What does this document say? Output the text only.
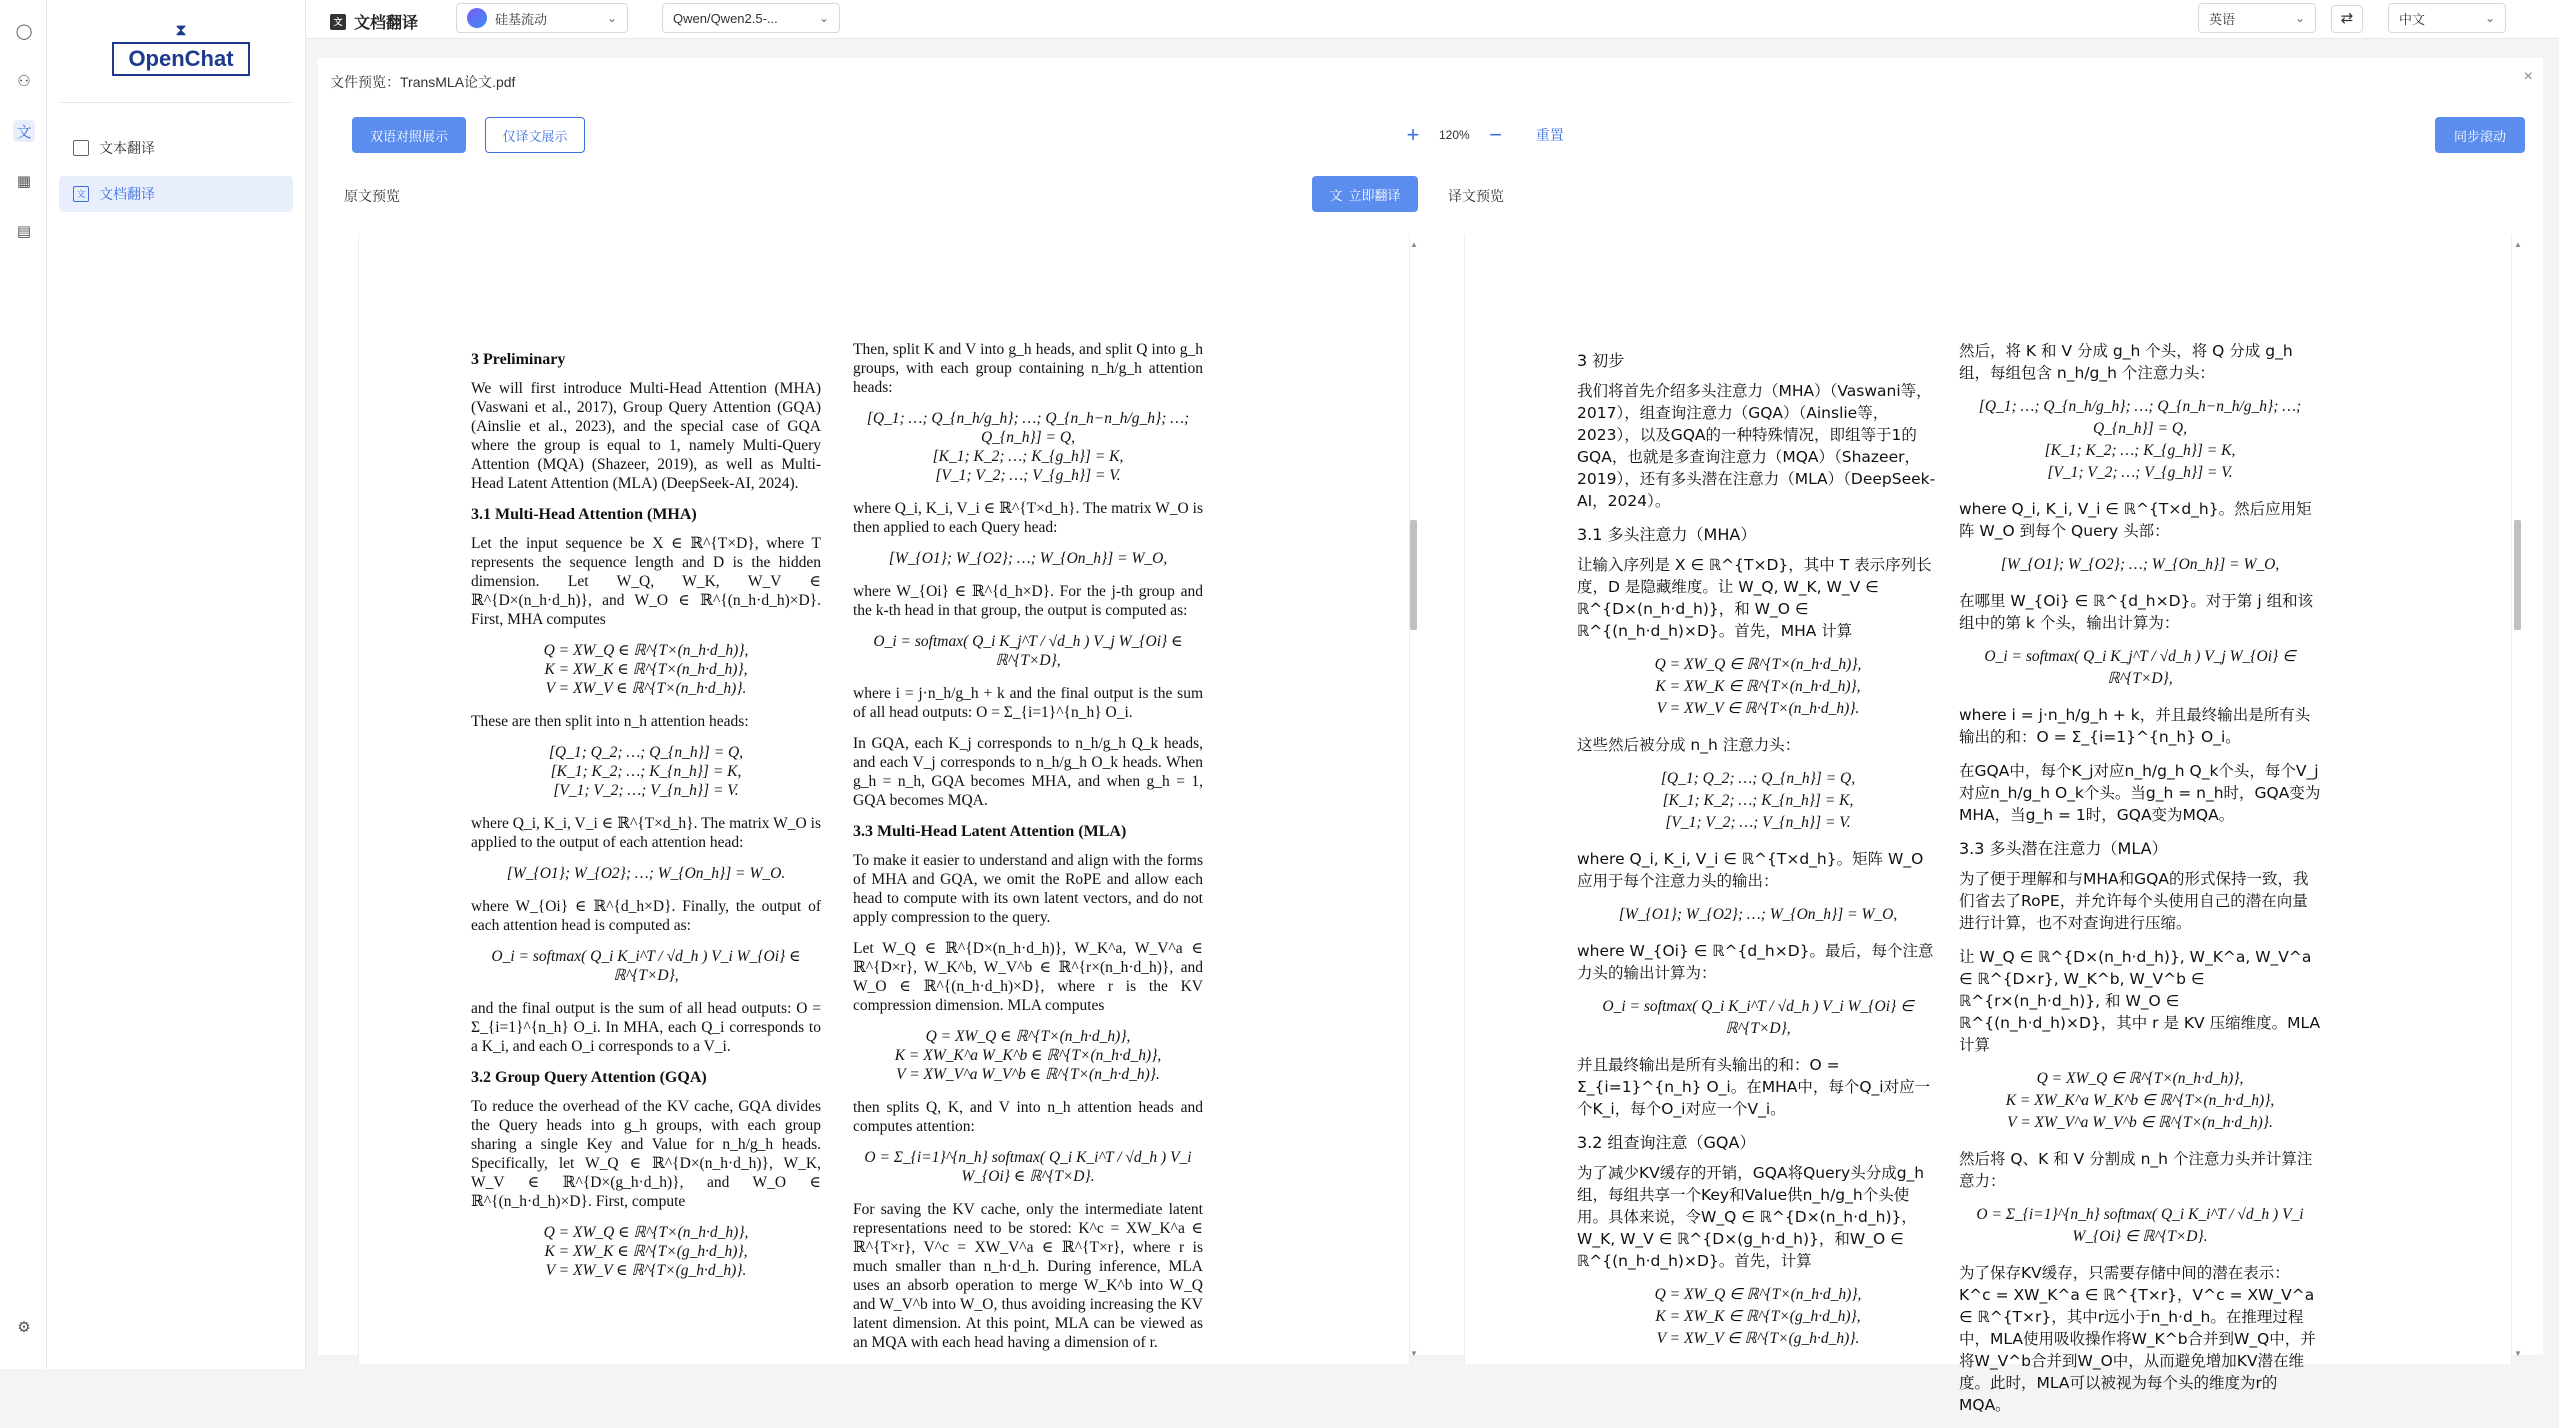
◯
⚇
文
▦
▤
⚙
⧗
OpenChat
文本翻译
文 文档翻译
文 文档翻译	硅基流动	⌄	Qwen/Qwen2.5-...	⌄	英语	⌄	⇄	中文	⌄
文件预览：TransMLA论文.pdf	×
双语对照展示	仅译文展示	+ 120% − 重置	同步滚动
原文预览	文 立即翻译	译文预览
3 Preliminary

We will first introduce Multi-Head Attention (MHA) (Vaswani et al., 2017), Group Query Attention (GQA) (Ainslie et al., 2023), and the special case of GQA where the group is equal to 1, namely Multi-Query Attention (MQA) (Shazeer, 2019), as well as Multi-Head Latent Attention (MLA) (DeepSeek-AI, 2024).

3.1 Multi-Head Attention (MHA)

Let the input sequence be X ∈ ℝ^{T×D}, where T represents the sequence length and D is the hidden dimension. Let W_Q, W_K, W_V ∈ ℝ^{D×(n_h·d_h)}, and W_O ∈ ℝ^{(n_h·d_h)×D}. First, MHA computes

Q = XW_Q ∈ ℝ^{T×(n_h·d_h)},
K = XW_K ∈ ℝ^{T×(n_h·d_h)},
V = XW_V ∈ ℝ^{T×(n_h·d_h)}.

These are then split into n_h attention heads:

[Q_1; Q_2; …; Q_{n_h}] = Q,
[K_1; K_2; …; K_{n_h}] = K,
[V_1; V_2; …; V_{n_h}] = V.

where Q_i, K_i, V_i ∈ ℝ^{T×d_h}. The matrix W_O is applied to the output of each attention head:

[W_{O1}; W_{O2}; …; W_{On_h}] = W_O.

where W_{Oi} ∈ ℝ^{d_h×D}. Finally, the output of each attention head is computed as:

O_i = softmax( Q_i K_i^T / √d_h ) V_i W_{Oi} ∈ ℝ^{T×D},

and the final output is the sum of all head outputs: O = Σ_{i=1}^{n_h} O_i. In MHA, each Q_i corresponds to a K_i, and each O_i corresponds to a V_i.

3.2 Group Query Attention (GQA)

To reduce the overhead of the KV cache, GQA divides the Query heads into g_h groups, with each group sharing a single Key and Value for n_h/g_h heads. Specifically, let W_Q ∈ ℝ^{D×(n_h·d_h)}, W_K, W_V ∈ ℝ^{D×(g_h·d_h)}, and W_O ∈ ℝ^{(n_h·d_h)×D}. First, compute

Q = XW_Q ∈ ℝ^{T×(n_h·d_h)},
K = XW_K ∈ ℝ^{T×(g_h·d_h)},
V = XW_V ∈ ℝ^{T×(g_h·d_h)}.

Then, split K and V into g_h heads, and split Q into g_h groups, with each group containing n_h/g_h attention heads:

[Q_1; …; Q_{n_h/g_h}; …; Q_{n_h−n_h/g_h}; …; Q_{n_h}] = Q,
[K_1; K_2; …; K_{g_h}] = K,
[V_1; V_2; …; V_{g_h}] = V.

where Q_i, K_i, V_i ∈ ℝ^{T×d_h}. The matrix W_O is then applied to each Query head:

[W_{O1}; W_{O2}; …; W_{On_h}] = W_O,

where W_{Oi} ∈ ℝ^{d_h×D}. For the j-th group and the k-th head in that group, the output is computed as:

O_i = softmax( Q_i K_j^T / √d_h ) V_j W_{Oi} ∈ ℝ^{T×D},

where i = j·n_h/g_h + k and the final output is the sum of all head outputs: O = Σ_{i=1}^{n_h} O_i.

In GQA, each K_j corresponds to n_h/g_h Q_k heads, and each V_j corresponds to n_h/g_h O_k heads. When g_h = n_h, GQA becomes MHA, and when g_h = 1, GQA becomes MQA.

3.3 Multi-Head Latent Attention (MLA)

To make it easier to understand and align with the forms of MHA and GQA, we omit the RoPE and allow each head to compute with its own latent vectors, and do not apply compression to the query.

Let W_Q ∈ ℝ^{D×(n_h·d_h)}, W_K^a, W_V^a ∈ ℝ^{D×r}, W_K^b, W_V^b ∈ ℝ^{r×(n_h·d_h)}, and W_O ∈ ℝ^{(n_h·d_h)×D}, where r is the KV compression dimension. MLA computes

Q = XW_Q ∈ ℝ^{T×(n_h·d_h)},
K = XW_K^a W_K^b ∈ ℝ^{T×(n_h·d_h)},
V = XW_V^a W_V^b ∈ ℝ^{T×(n_h·d_h)}.

then splits Q, K, and V into n_h attention heads and computes attention:

O = Σ_{i=1}^{n_h} softmax( Q_i K_i^T / √d_h ) V_i W_{Oi} ∈ ℝ^{T×D}.

For saving the KV cache, only the intermediate latent representations need to be stored: K^c = XW_K^a ∈ ℝ^{T×r}, V^c = XW_V^a ∈ ℝ^{T×r}, where r is much smaller than n_h·d_h. During inference, MLA uses an absorb operation to merge W_K^b into W_Q and W_V^b into W_O, thus avoiding increasing the KV latent dimension. At this point, MLA can be viewed as an MQA with each head having a dimension of r.

▲
▼
3 初步

我们将首先介绍多头注意力（MHA）（Vaswani等，2017），组查询注意力（GQA）（Ainslie等，2023），以及GQA的一种特殊情况，即组等于1的GQA，也就是多查询注意力（MQA）（Shazeer，2019），还有多头潜在注意力（MLA）（DeepSeek-AI，2024）。

3.1 多头注意力（MHA）

让输入序列是 X ∈ ℝ^{T×D}，其中 T 表示序列长度，D 是隐藏维度。让 W_Q, W_K, W_V ∈ ℝ^{D×(n_h·d_h)}，和 W_O ∈ ℝ^{(n_h·d_h)×D}。首先，MHA 计算

Q = XW_Q ∈ ℝ^{T×(n_h·d_h)},
K = XW_K ∈ ℝ^{T×(n_h·d_h)},
V = XW_V ∈ ℝ^{T×(n_h·d_h)}.

这些然后被分成 n_h 注意力头：

[Q_1; Q_2; …; Q_{n_h}] = Q,
[K_1; K_2; …; K_{n_h}] = K,
[V_1; V_2; …; V_{n_h}] = V.

where Q_i, K_i, V_i ∈ ℝ^{T×d_h}。矩阵 W_O 应用于每个注意力头的输出：

[W_{O1}; W_{O2}; …; W_{On_h}] = W_O,

where W_{Oi} ∈ ℝ^{d_h×D}。最后，每个注意力头的输出计算为：

O_i = softmax( Q_i K_i^T / √d_h ) V_i W_{Oi} ∈ ℝ^{T×D},

并且最终输出是所有头输出的和：O = Σ_{i=1}^{n_h} O_i。在MHA中，每个Q_i对应一个K_i，每个O_i对应一个V_i。

3.2 组查询注意（GQA）

为了减少KV缓存的开销，GQA将Query头分成g_h组，每组共享一个Key和Value供n_h/g_h个头使用。具体来说，令W_Q ∈ ℝ^{D×(n_h·d_h)}，W_K, W_V ∈ ℝ^{D×(g_h·d_h)}，和W_O ∈ ℝ^{(n_h·d_h)×D}。首先，计算

Q = XW_Q ∈ ℝ^{T×(n_h·d_h)},
K = XW_K ∈ ℝ^{T×(g_h·d_h)},
V = XW_V ∈ ℝ^{T×(g_h·d_h)}.

然后，将 K 和 V 分成 g_h 个头，将 Q 分成 g_h 组，每组包含 n_h/g_h 个注意力头：

[Q_1; …; Q_{n_h/g_h}; …; Q_{n_h−n_h/g_h}; …; Q_{n_h}] = Q,
[K_1; K_2; …; K_{g_h}] = K,
[V_1; V_2; …; V_{g_h}] = V.

where Q_i, K_i, V_i ∈ ℝ^{T×d_h}。然后应用矩阵 W_O 到每个 Query 头部：

[W_{O1}; W_{O2}; …; W_{On_h}] = W_O,

在哪里 W_{Oi} ∈ ℝ^{d_h×D}。对于第 j 组和该组中的第 k 个头，输出计算为：

O_i = softmax( Q_i K_j^T / √d_h ) V_j W_{Oi} ∈ ℝ^{T×D},

where i = j·n_h/g_h + k，并且最终输出是所有头输出的和：O = Σ_{i=1}^{n_h} O_i。

在GQA中，每个K_j对应n_h/g_h Q_k个头，每个V_j对应n_h/g_h O_k个头。当g_h = n_h时，GQA变为MHA，当g_h = 1时，GQA变为MQA。

3.3 多头潜在注意力（MLA）

为了便于理解和与MHA和GQA的形式保持一致，我们省去了RoPE，并允许每个头使用自己的潜在向量进行计算，也不对查询进行压缩。

让 W_Q ∈ ℝ^{D×(n_h·d_h)}, W_K^a, W_V^a ∈ ℝ^{D×r}, W_K^b, W_V^b ∈ ℝ^{r×(n_h·d_h)}, 和 W_O ∈ ℝ^{(n_h·d_h)×D}，其中 r 是 KV 压缩维度。MLA 计算

Q = XW_Q ∈ ℝ^{T×(n_h·d_h)},
K = XW_K^a W_K^b ∈ ℝ^{T×(n_h·d_h)},
V = XW_V^a W_V^b ∈ ℝ^{T×(n_h·d_h)}.

然后将 Q、K 和 V 分割成 n_h 个注意力头并计算注意力：

O = Σ_{i=1}^{n_h} softmax( Q_i K_i^T / √d_h ) V_i W_{Oi} ∈ ℝ^{T×D}.

为了保存KV缓存，只需要存储中间的潜在表示：K^c = XW_K^a ∈ ℝ^{T×r}，V^c = XW_V^a ∈ ℝ^{T×r}，其中r远小于n_h·d_h。在推理过程中，MLA使用吸收操作将W_K^b合并到W_Q中，并将W_V^b合并到W_O中，从而避免增加KV潜在维度。此时，MLA可以被视为每个头的维度为r的MQA。

▲
▼
